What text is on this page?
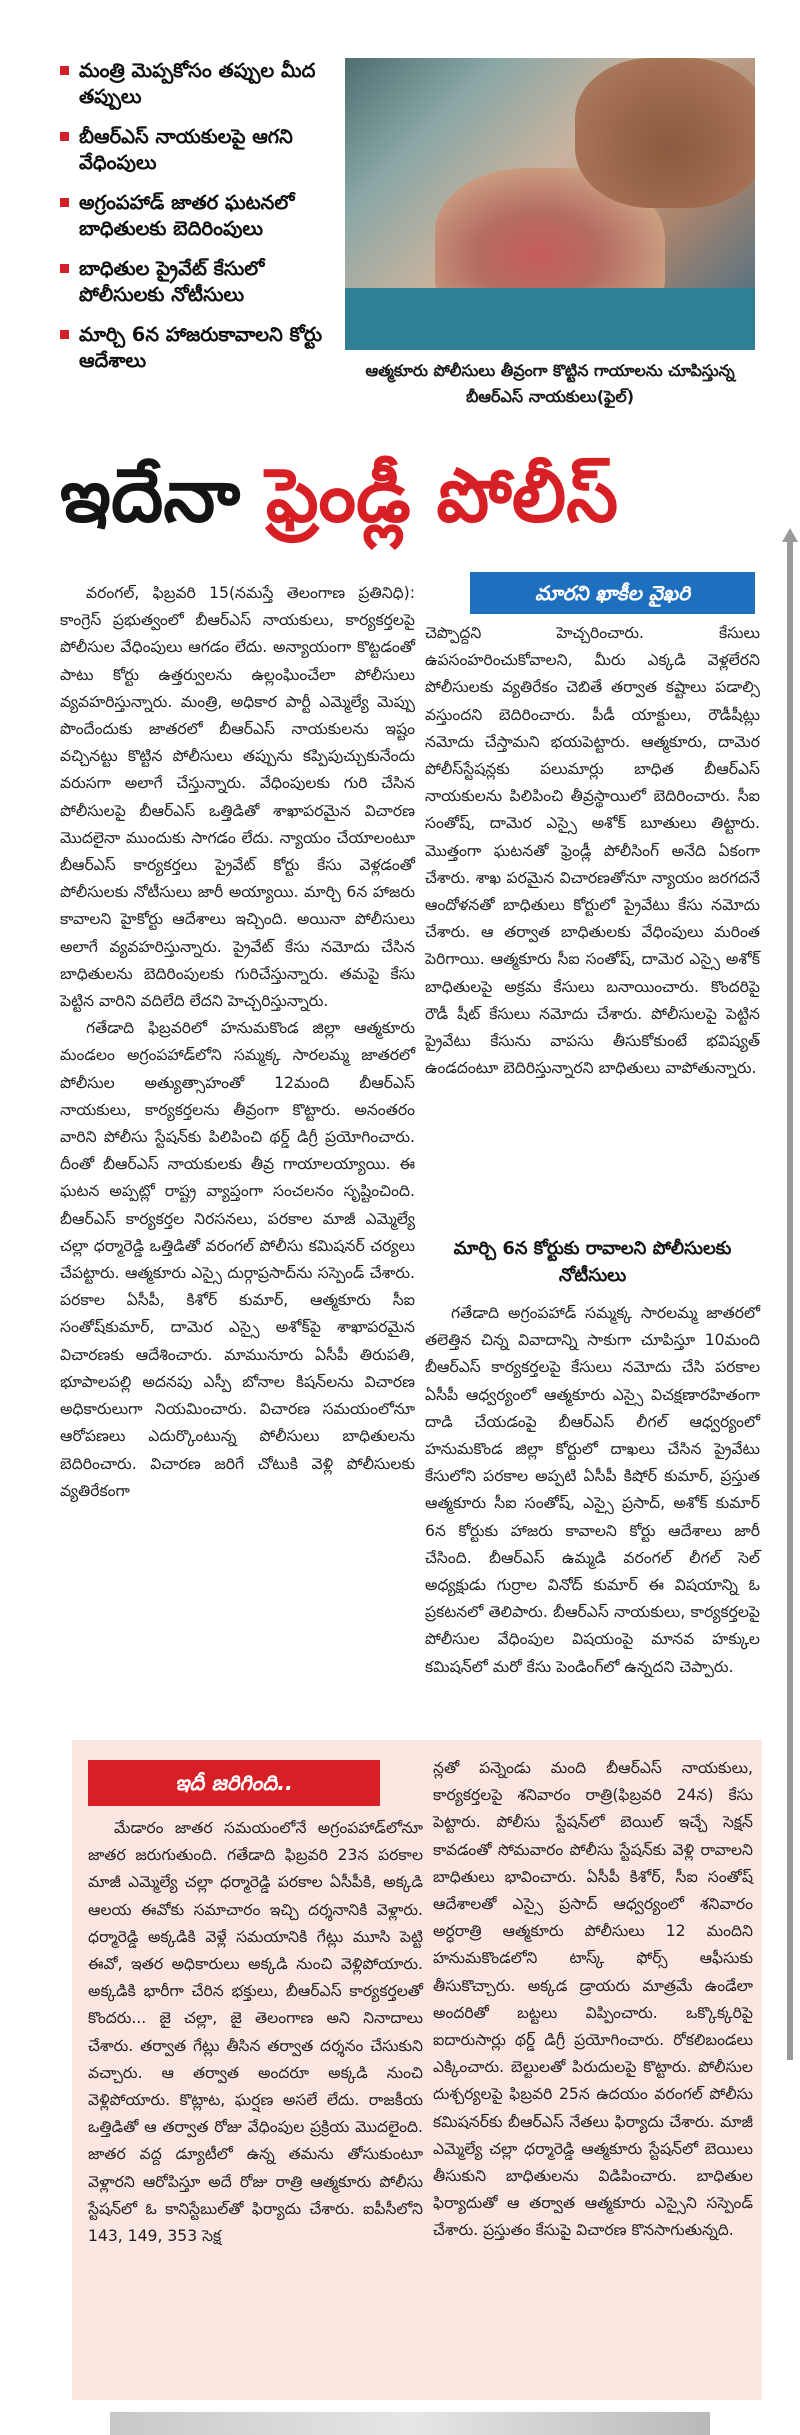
మంత్రి మెప్పకోసం తప్పుల మీద తప్పులు
బీఆర్‌ఎస్ నాయకులపై ఆగని వేధింపులు
అగ్రంపహాడ్ జాతర ఘటనలో బాధితులకు బెదిరింపులు
బాధితుల ప్రైవేట్ కేసులో పోలీసులకు నోటీసులు
మార్చి 6న హాజరుకావాలని కోర్టు ఆదేశాలు	ఆత్మకూరు పోలీసులు తీవ్రంగా కొట్టిన గాయాలను చూపిస్తున్న బీఆర్‌ఎస్ నాయకులు(ఫైల్)
ఇదేనా ఫ్రెండ్లీ పోలీస్

వరంగల్, ఫిబ్రవరి 15(నమస్తే తెలంగాణ ప్రతినిధి): కాంగ్రెస్ ప్రభుత్వంలో బీఆర్‌ఎస్ నాయకులు, కార్యకర్తలపై పోలీసుల వేధింపులు ఆగడం లేదు. అన్యాయంగా కొట్టడంతో పాటు కోర్టు ఉత్తర్వులను ఉల్లంఘించేలా పోలీసులు వ్యవహరిస్తున్నారు. మంత్రి, అధికార పార్టీ ఎమ్మెల్యే మెప్పు పొందేందుకు జాతరలో బీఆర్‌ఎస్ నాయకులను ఇష్టం వచ్చినట్టు కొట్టిన పోలీసులు తప్పును కప్పిపుచ్చుకునేందు వరుసగా అలాగే చేస్తున్నారు. వేధింపులకు గురి చేసిన పోలీసులపై బీఆర్‌ఎస్ ఒత్తిడితో శాఖాపరమైన విచారణ మొదలైనా ముందుకు సాగడం లేదు. న్యాయం చేయాలంటూ బీఆర్‌ఎస్ కార్యకర్తలు ప్రైవేట్ కోర్టు కేసు వెళ్లడంతో పోలీసులకు నోటీసులు జారీ అయ్యాయి. మార్చి 6న హాజరు కావాలని హైకోర్టు ఆదేశాలు ఇచ్చింది. అయినా పోలీసులు అలాగే వ్యవహరిస్తున్నారు. ప్రైవేట్ కేసు నమోదు చేసిన బాధితులను బెదిరింపులకు గురిచేస్తున్నారు. తమపై కేసు పెట్టిన వారిని వదిలేది లేదని హెచ్చరిస్తున్నారు.

గతేడాది ఫిబ్రవరిలో హనుమకొండ జిల్లా ఆత్మకూరు మండలం అగ్రంపహాడ్‌లోని సమ్మక్క సారలమ్మ జాతరలో పోలీసుల అత్యుత్సాహంతో 12మంది బీఆర్‌ఎస్ నాయకులు, కార్యకర్తలను తీవ్రంగా కొట్టారు. అనంతరం వారిని పోలీసు స్టేషన్‌కు పిలిపించి థర్డ్ డిగ్రీ ప్రయోగించారు. దీంతో బీఆర్‌ఎస్ నాయకులకు తీవ్ర గాయాలయ్యాయి. ఈ ఘటన అప్పట్లో రాష్ట్ర వ్యాప్తంగా సంచలనం సృష్టించింది. బీఆర్‌ఎస్ కార్యకర్తల నిరసనలు, పరకాల మాజీ ఎమ్మెల్యే చల్లా ధర్మారెడ్డి ఒత్తిడితో వరంగల్ పోలీసు కమిషనర్ చర్యలు చేపట్టారు. ఆత్మకూరు ఎస్సై దుర్గాప్రసాద్‌ను సస్పెండ్ చేశారు. పరకాల ఏసీపీ, కిశోర్ కుమార్, ఆత్మకూరు సీఐ సంతోష్‌కుమార్, దామెర ఎస్సై అశోక్‌పై శాఖాపరమైన విచారణకు ఆదేశించారు. మామునూరు ఏసీపీ తిరుపతి, భూపాలపల్లి అదనపు ఎస్పీ బోనాల కిషన్‌లను విచారణ అధికారులుగా నియమించారు. విచారణ సమయంలోనూ ఆరోపణలు ఎదుర్కొంటున్న పోలీసులు బాధితులను బెదిరించారు. విచారణ జరిగే చోటుకి వెళ్లి పోలీసులకు వ్యతిరేకంగా

మారని ఖాకీల వైఖరి

చెప్పొద్దని హెచ్చరించారు. కేసులు ఉపసంహరించుకోవాలని, మీరు ఎక్కడి వెళ్లలేరని పోలీసులకు వ్యతిరేకం చెబితే తర్వాత కష్టాలు పడాల్సి వస్తుందని బెదిరించారు. పీడీ యాక్టులు, రౌడీషీట్లు నమోదు చేస్తామని భయపెట్టారు. ఆత్మకూరు, దామెర పోలీస్‌స్టేషన్లకు పలుమార్లు బాధిత బీఆర్‌ఎస్ నాయకులను పిలిపించి తీవ్రస్థాయిలో బెదిరించారు. సీఐ సంతోష్, దామెర ఎస్సై అశోక్ బూతులు తిట్టారు. మొత్తంగా ఘటనతో ఫ్రెండ్లీ పోలీసింగ్ అనేది ఏకంగా చేశారు. శాఖ పరమైన విచారణతోనూ న్యాయం జరగదనే ఆందోళనతో బాధితులు కోర్టులో ప్రైవేటు కేసు నమోదు చేశారు. ఆ తర్వాత బాధితులకు వేధింపులు మరింత పెరిగాయి. ఆత్మకూరు సీఐ సంతోష్, దామెర ఎస్సై అశోక్ బాధితులపై అక్రమ కేసులు బనాయించారు. కొందరిపై రౌడీ షీట్ కేసులు నమోదు చేశారు. పోలీసులపై పెట్టిన ప్రైవేటు కేసును వాపసు తీసుకోకుంటే భవిష్యత్ ఉండదంటూ బెదిరిస్తున్నారని బాధితులు వాపోతున్నారు.

మార్చి 6న కోర్టుకు రావాలని పోలీసులకు నోటీసులు

గతేడాది అగ్రంపహాడ్ సమ్మక్క సారలమ్మ జాతరలో తలెత్తిన చిన్న వివాదాన్ని సాకుగా చూపిస్తూ 10మంది బీఆర్‌ఎస్ కార్యకర్తలపై కేసులు నమోదు చేసి పరకాల ఏసీపీ ఆధ్వర్యంలో ఆత్మకూరు ఎస్సై విచక్షణారహితంగా దాడి చేయడంపై బీఆర్‌ఎస్ లీగల్ ఆధ్వర్యంలో హనుమకొండ జిల్లా కోర్టులో దాఖలు చేసిన ప్రైవేటు కేసులోని పరకాల అప్పటి ఏసీపీ కిషోర్ కుమార్, ప్రస్తుత ఆత్మకూరు సీఐ సంతోష్, ఎస్సై ప్రసాద్, అశోక్ కుమార్ 6న కోర్టుకు హాజరు కావాలని కోర్టు ఆదేశాలు జారీ చేసింది. బీఆర్‌ఎస్ ఉమ్మడి వరంగల్ లీగల్ సెల్ అధ్యక్షుడు గుర్రాల వినోద్ కుమార్ ఈ విషయాన్ని ఓ ప్రకటనలో తెలిపారు. బీఆర్‌ఎస్ నాయకులు, కార్యకర్తలపై పోలీసుల వేధింపుల విషయంపై మానవ హక్కుల కమిషన్‌లో మరో కేసు పెండింగ్‌లో ఉన్నదని చెప్పారు.

ఇదీ జరిగింది..

మేడారం జాతర సమయంలోనే అగ్రంపహాడ్‌లోనూ జాతర జరుగుతుంది. గతేడాది ఫిబ్రవరి 23న పరకాల మాజీ ఎమ్మెల్యే చల్లా ధర్మారెడ్డి పరకాల ఏసీపీకి, అక్కడి ఆలయ ఈవోకు సమాచారం ఇచ్చి దర్శనానికి వెళ్లారు. ధర్మారెడ్డి అక్కడికి వెళ్లే సమయానికి గేట్లు మూసి పెట్టి ఈవో, ఇతర అధికారులు అక్కడి నుంచి వెళ్లిపోయారు. అక్కడికి భారీగా చేరిన భక్తులు, బీఆర్‌ఎస్ కార్యకర్తలతో కొందరు... జై చల్లా, జై తెలంగాణ అని నినాదాలు చేశారు. తర్వాత గేట్లు తీసిన తర్వాత దర్శనం చేసుకుని వచ్చారు. ఆ తర్వాత అందరూ అక్కడి నుంచి వెళ్లిపోయారు. కొట్లాట, ఘర్షణ అసలే లేదు. రాజకీయ ఒత్తిడితో ఆ తర్వాత రోజు వేధింపుల ప్రక్రియ మొదలైంది. జాతర వద్ద డ్యూటీలో ఉన్న తమను తోసుకుంటూ వెళ్లారని ఆరోపిస్తూ అదే రోజు రాత్రి ఆత్మకూరు పోలీసు స్టేషన్‌లో ఓ కానిస్టేబుల్‌తో ఫిర్యాదు చేశారు. ఐపీసీలోని 143, 149, 353 సెక్ష

న్లతో పన్నెండు మంది బీఆర్‌ఎస్ నాయకులు, కార్యకర్తలపై శనివారం రాత్రి(ఫిబ్రవరి 24న) కేసు పెట్టారు. పోలీసు స్టేషన్‌లో బెయిల్ ఇచ్చే సెక్షన్ కావడంతో సోమవారం పోలీసు స్టేషన్‌కు వెళ్లి రావాలని బాధితులు భావించారు. ఏసీపీ కిశోర్, సీఐ సంతోష్ ఆదేశాలతో ఎస్సై ప్రసాద్ ఆధ్వర్యంలో శనివారం అర్ధరాత్రి ఆత్మకూరు పోలీసులు 12 మందిని హనుమకొండలోని టాస్క్ ఫోర్స్ ఆఫీసుకు తీసుకొచ్చారు. అక్కడ డ్రాయరు మాత్రమే ఉండేలా అందరితో బట్టలు విప్పించారు. ఒక్కొక్కరిపై ఐదారుసార్లు థర్డ్ డిగ్రీ ప్రయోగించారు. రోకలిబండలు ఎక్కించారు. బెల్టులతో పిరుదులపై కొట్టారు. పోలీసుల దుశ్చర్యలపై ఫిబ్రవరి 25న ఉదయం వరంగల్ పోలీసు కమిషనర్‌కు బీఆర్‌ఎస్ నేతలు ఫిర్యాదు చేశారు. మాజీ ఎమ్మెల్యే చల్లా ధర్మారెడ్డి ఆత్మకూరు స్టేషన్‌లో బెయిలు తీసుకుని బాధితులను విడిపించారు. బాధితుల ఫిర్యాదుతో ఆ తర్వాత ఆత్మకూరు ఎస్సైని సస్పెండ్ చేశారు. ప్రస్తుతం కేసుపై విచారణ కొనసాగుతున్నది.
